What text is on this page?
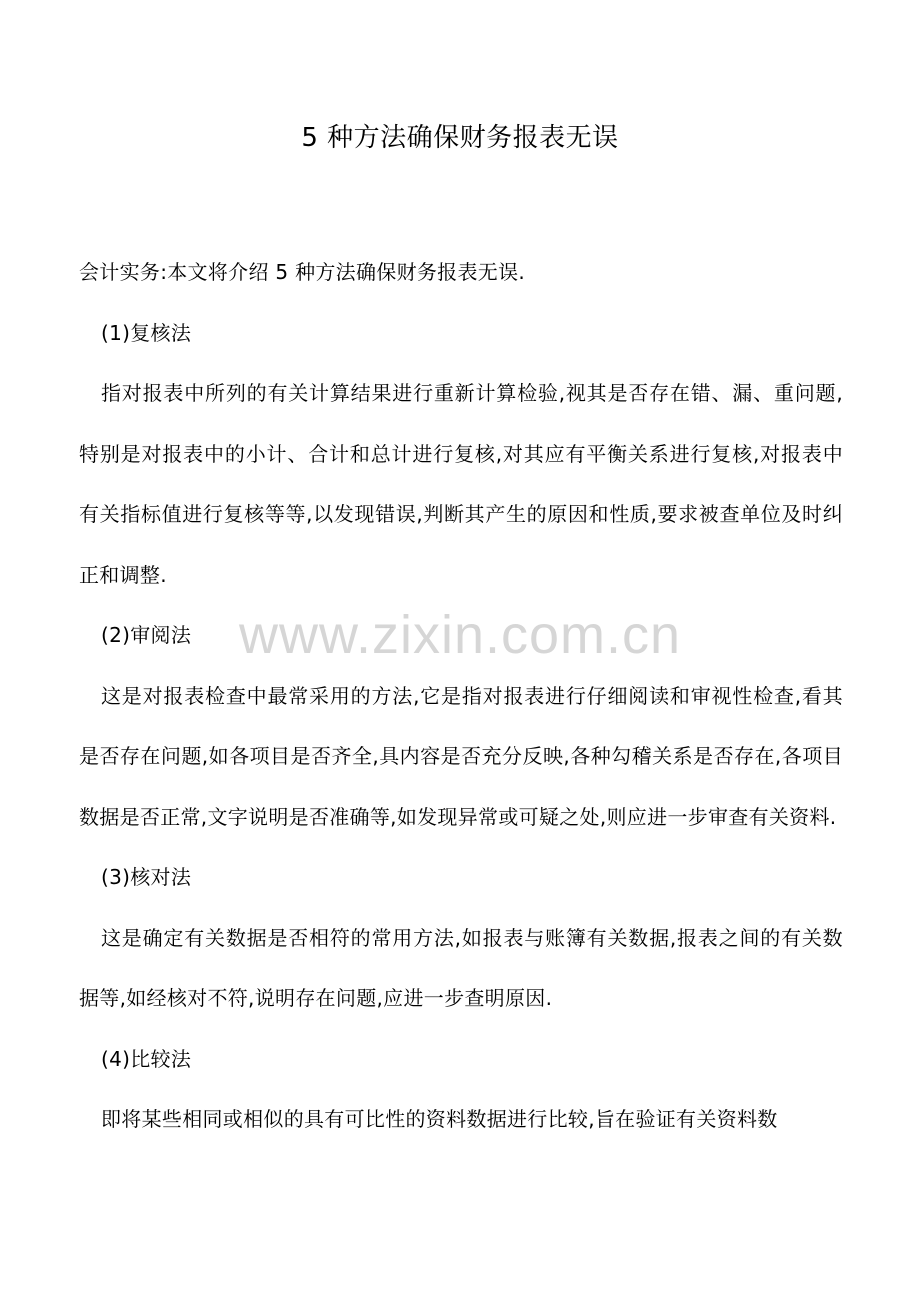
5 种方法确保财务报表无误

会计实务:本文将介绍 5 种方法确保财务报表无误.

(1)复核法

指对报表中所列的有关计算结果进行重新计算检验,视其是否存在错、漏、重问题,特别是对报表中的小计、合计和总计进行复核,对其应有平衡关系进行复核,对报表中有关指标值进行复核等等,以发现错误,判断其产生的原因和性质,要求被查单位及时纠正和调整.

(2)审阅法

这是对报表检查中最常采用的方法,它是指对报表进行仔细阅读和审视性检查,看其是否存在问题,如各项目是否齐全,具内容是否充分反映,各种勾稽关系是否存在,各项目数据是否正常,文字说明是否准确等,如发现异常或可疑之处,则应进一步审查有关资料.

(3)核对法

这是确定有关数据是否相符的常用方法,如报表与账簿有关数据,报表之间的有关数据等,如经核对不符,说明存在问题,应进一步查明原因.

(4)比较法

即将某些相同或相似的具有可比性的资料数据进行比较,旨在验证有关资料数

www.zixin.com.cn
